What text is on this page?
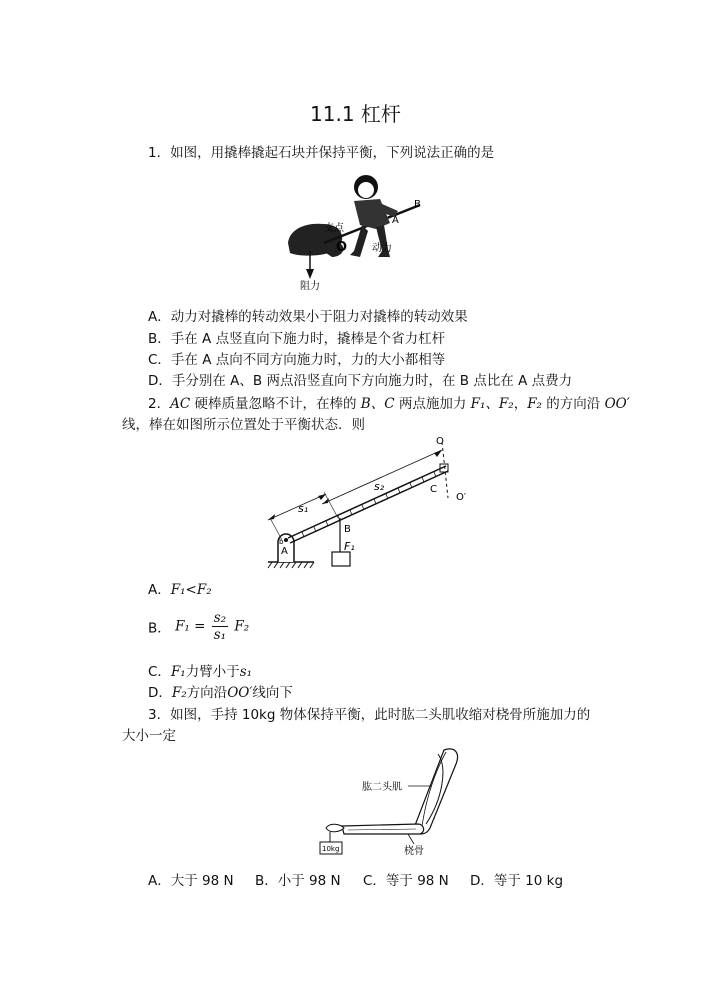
11.1 杠杆
1．如图，用撬棒撬起石块并保持平衡，下列说法正确的是
支点
O
A
B
动力
阻力
A．动力对撬棒的转动效果小于阻力对撬棒的转动效果
B．手在 A 点竖直向下施力时，撬棒是个省力杠杆
C．手在 A 点向不同方向施力时，力的大小都相等
D．手分别在 A、B 两点沿竖直向下方向施力时，在 B 点比在 A 点费力
2．AC 硬棒质量忽略不计，在棒的 B、C 两点施加力 F₁、F₂，F₂ 的方向沿 OO′
线，棒在如图所示位置处于平衡状态．则
O
C
O′
s₂
s₁
B
A	F₁
b
A．F₁<F₂
B． $F_1 = \frac{\text{s₂}}{\text{s₁}} F_2$
C．F₁力臂小于s₁
D．F₂方向沿OO′线向下
3．如图，手持 10kg 物体保持平衡，此时肱二头肌收缩对桡骨所施加力的
大小一定
10kg
肱二头肌
桡骨
A．大于 98 N B．小于 98 N C．等于 98 N D．等于 10 kg
